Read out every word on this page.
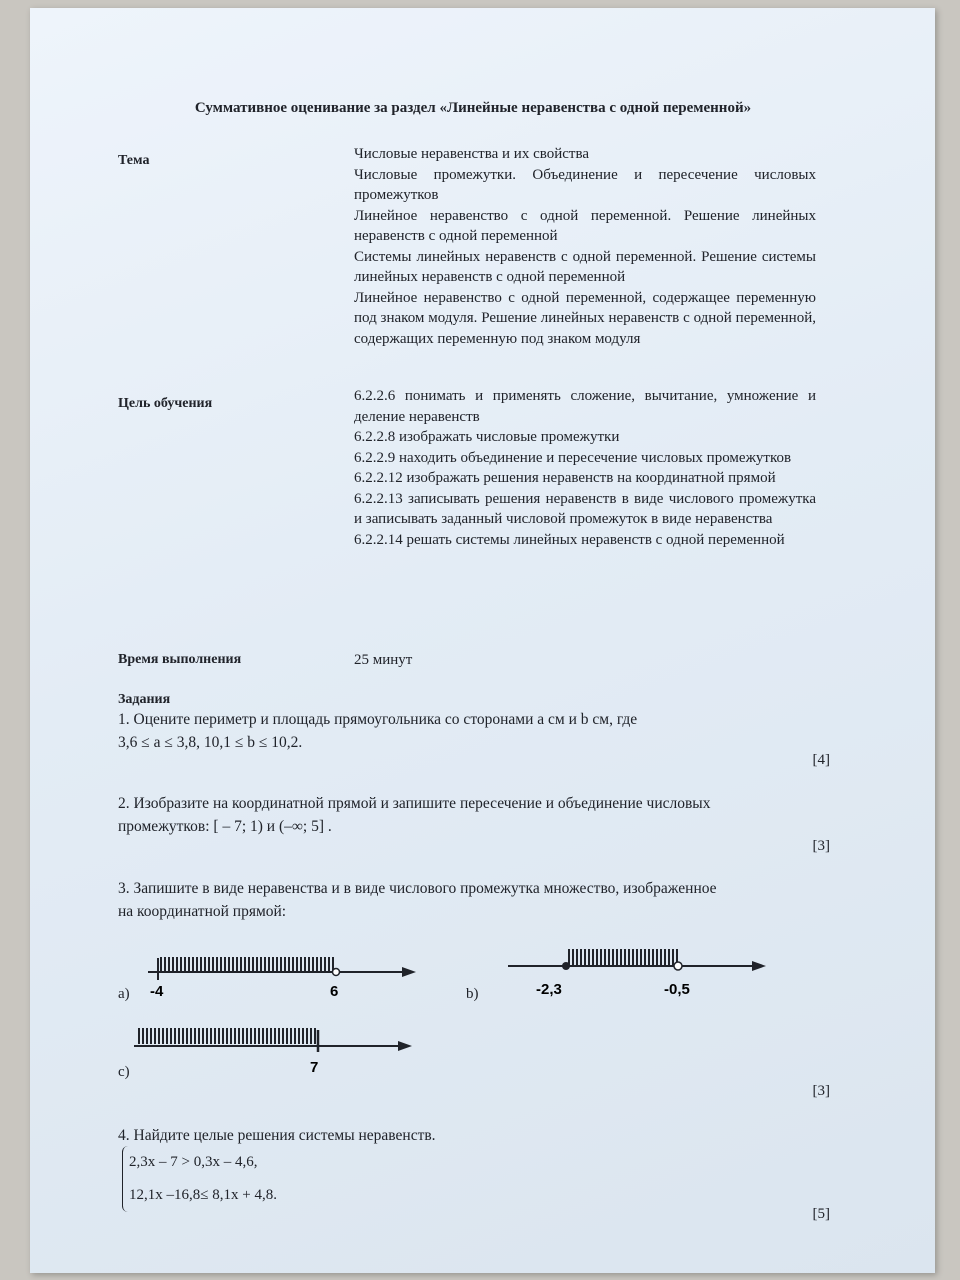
Суммативное оценивание за раздел «Линейные неравенства с одной переменной»
Тема	Числовые неравенства и их свойства
Числовые промежутки. Объединение и пересечение числовых промежутков
Линейное неравенство с одной переменной. Решение линейных неравенств с одной переменной
Системы линейных неравенств с одной переменной. Решение системы линейных неравенств с одной переменной
Линейное неравенство с одной переменной, содержащее переменную под знаком модуля. Решение линейных неравенств с одной переменной, содержащих переменную под знаком модуля
Цель обучения	6.2.2.6 понимать и применять сложение, вычитание, умножение и деление неравенств
6.2.2.8 изображать числовые промежутки
6.2.2.9 находить объединение и пересечение числовых промежутков
6.2.2.12 изображать решения неравенств на координатной прямой
6.2.2.13 записывать решения неравенств в виде числового промежутка и записывать заданный числовой промежуток в виде неравенства
6.2.2.14 решать системы линейных неравенств с одной переменной
Время выполнения	25 минут
Задания
1. Оцените периметр и площадь прямоугольника со сторонами a см и b см, где
3,6 ≤ a ≤ 3,8, 10,1 ≤ b ≤ 10,2.
[4]
2. Изобразите на координатной прямой и запишите пересечение и объединение числовых
промежутков: [ – 7; 1) и (–∞; 5] .
[3]
3. Запишите в виде неравенства и в виде числового промежутка множество, изображенное
на координатной прямой:
-4	6
a)	-2,3	-0,5
b)
7
c)
[3]
4. Найдите целые решения системы неравенств.
2,3x – 7 > 0,3x – 4,6,
12,1x –16,8≤ 8,1x + 4,8.
[5]
